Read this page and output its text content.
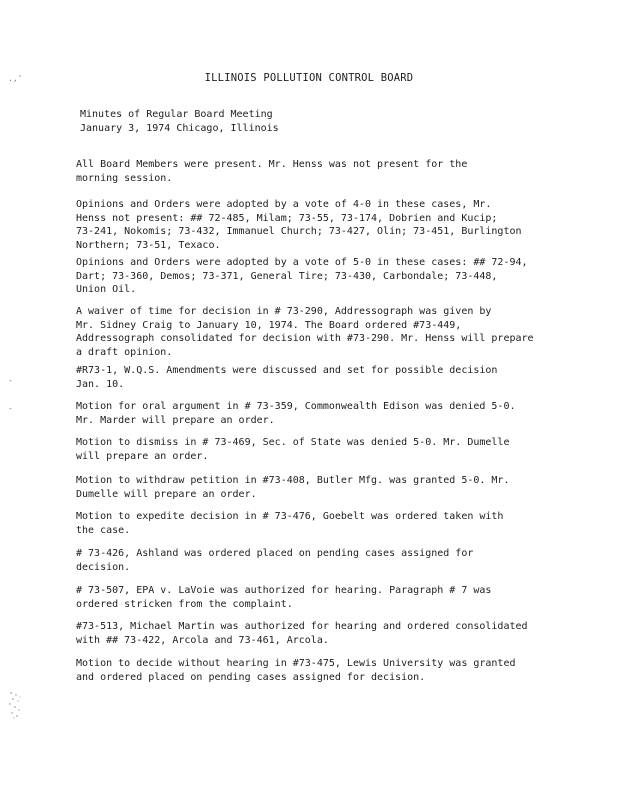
.,'
-
-
ILLINOIS POLLUTION CONTROL BOARD
Minutes of Regular Board Meeting
January 3, 1974 Chicago, Illinois
All Board Members were present. Mr. Henss was not present for the
morning session.
Opinions and Orders were adopted by a vote of 4-0 in these cases, Mr.
Henss not present: ## 72-485, Milam; 73-55, 73-174, Dobrien and Kucip;
73-241, Nokomis; 73-432, Immanuel Church; 73-427, Olin; 73-451, Burlington
Northern; 73-51, Texaco.
Opinions and Orders were adopted by a vote of 5-0 in these cases: ## 72-94,
Dart; 73-360, Demos; 73-371, General Tire; 73-430, Carbondale; 73-448,
Union Oil.
A waiver of time for decision in # 73-290, Addressograph was given by
Mr. Sidney Craig to January 10, 1974. The Board ordered #73-449,
Addressograph consolidated for decision with #73-290. Mr. Henss will prepare
a draft opinion.
#R73-1, W.Q.S. Amendments were discussed and set for possible decision
Jan. 10.
Motion for oral argument in # 73-359, Commonwealth Edison was denied 5-0.
Mr. Marder will prepare an order.
Motion to dismiss in # 73-469, Sec. of State was denied 5-0. Mr. Dumelle
will prepare an order.
Motion to withdraw petition in #73-408, Butler Mfg. was granted 5-0. Mr.
Dumelle will prepare an order.
Motion to expedite decision in # 73-476, Goebelt was ordered taken with
the case.
# 73-426, Ashland was ordered placed on pending cases assigned for
decision.
# 73-507, EPA v. LaVoie was authorized for hearing. Paragraph # 7 was
ordered stricken from the complaint.
#73-513, Michael Martin was authorized for hearing and ordered consolidated
with ## 73-422, Arcola and 73-461, Arcola.
Motion to decide without hearing in #73-475, Lewis University was granted
and ordered placed on pending cases assigned for decision.
